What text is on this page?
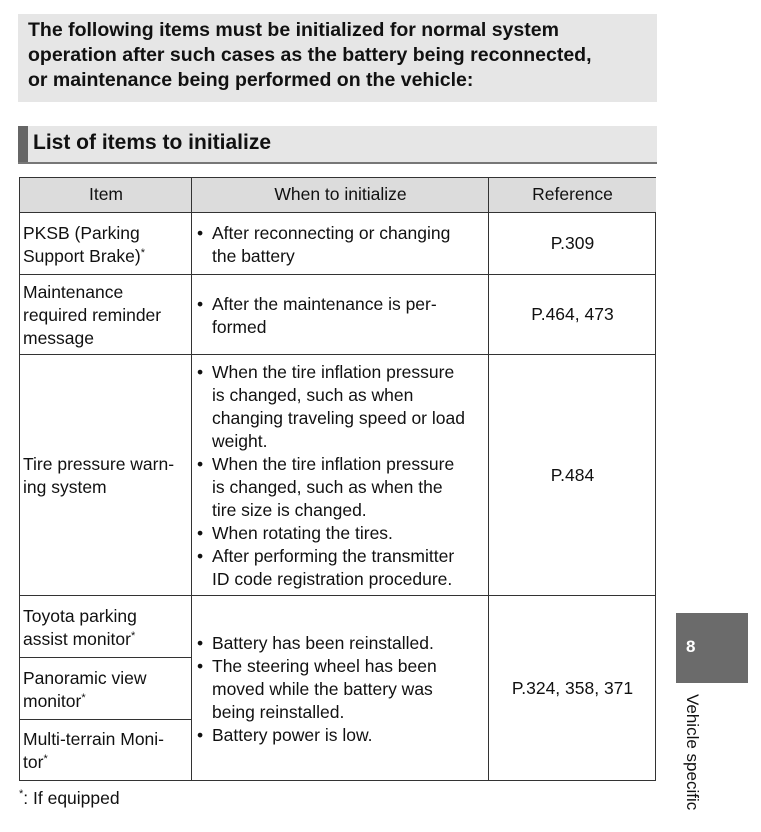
The following items must be initialized for normal system
operation after such cases as the battery being reconnected,
or maintenance being performed on the vehicle:
List of items to initialize
Item	When to initialize	Reference
PKSB (Parking
Support Brake)*
• After reconnecting or changing
the battery
P.309
Maintenance
required reminder
message
• After the maintenance is per-
formed
P.464, 473
Tire pressure warn-
ing system
• When the tire inflation pressure
is changed, such as when
changing traveling speed or load
weight.
• When the tire inflation pressure
is changed, such as when the
tire size is changed.
• When rotating the tires.
• After performing the transmitter
ID code registration procedure.
P.484
Toyota parking
assist monitor*
Panoramic view
monitor*
Multi-terrain Moni-
tor*
• Battery has been reinstalled.
• The steering wheel has been
moved while the battery was
being reinstalled.
• Battery power is low.
P.324, 358, 371
*: If equipped
8
Vehicle specific
